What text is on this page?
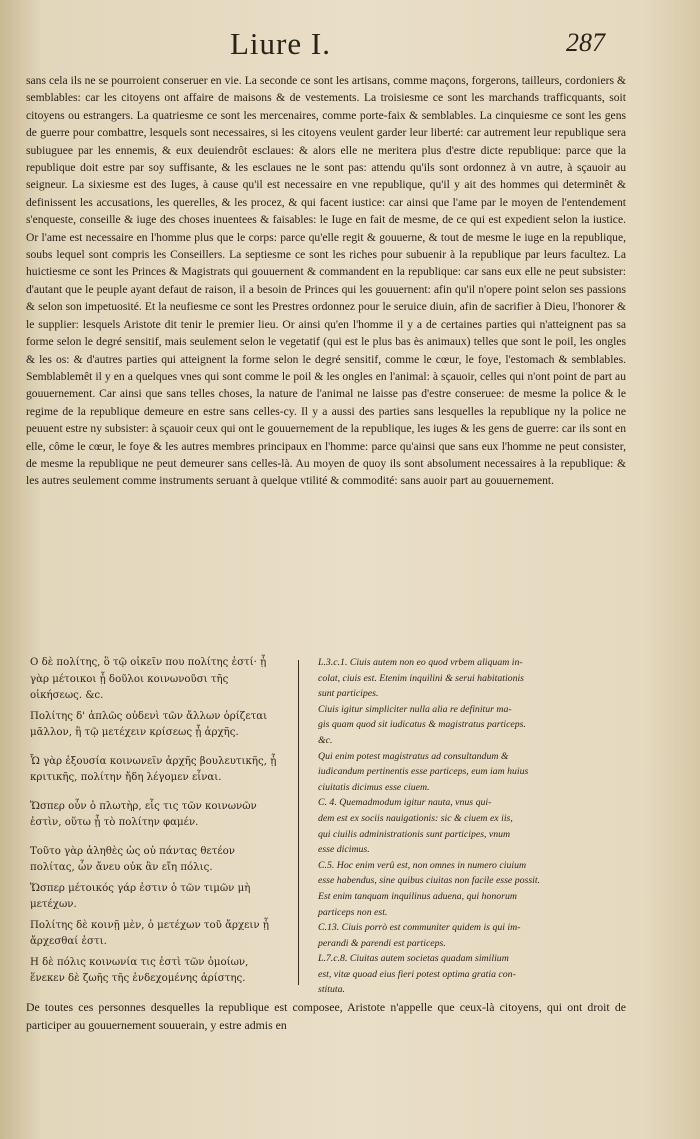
Liure I.	287
sans cela ils ne se pourroient conseruer en vie. La seconde ce sont les artisans, comme maçons, forgerons, tailleurs, cordoniers & semblables: car les citoyens ont affaire de maisons & de vestements. La troisiesme ce sont les marchands trafficquants, soit citoyens ou estrangers. La quatriesme ce sont les mercenaires, comme porte-faix & semblables. La cinquiesme ce sont les gens de guerre pour combattre, lesquels sont necessaires, si les citoyens veulent garder leur liberté: car autrement leur republique sera subiuguee par les ennemis, & eux deuiendrôt esclaues: & alors elle ne meritera plus d'estre dicte republique: parce que la republique doit estre par soy suffisante, & les esclaues ne le sont pas: attendu qu'ils sont ordonnez à vn autre, à sçauoir au seigneur. La sixiesme est des Iuges, à cause qu'il est necessaire en vne republique, qu'il y ait des hommes qui determinêt & definissent les accusations, les querelles, & les procez, & qui facent iustice: car ainsi que l'ame par le moyen de l'entendement s'enqueste, conseille & iuge des choses inuentees & faisables: le Iuge en fait de mesme, de ce qui est expedient selon la iustice. Or l'ame est necessaire en l'homme plus que le corps: parce qu'elle regit & gouuerne, & tout de mesme le iuge en la republique, soubs lequel sont compris les Conseillers. La septiesme ce sont les riches pour subuenir à la republique par leurs facultez. La huictiesme ce sont les Princes & Magistrats qui gouuernent & commandent en la republique: car sans eux elle ne peut subsister: d'autant que le peuple ayant defaut de raison, il a besoin de Princes qui les gouuernent: afin qu'il n'opere point selon ses passions & selon son impetuosité. Et la neufiesme ce sont les Prestres ordonnez pour le seruice diuin, afin de sacrifier à Dieu, l'honorer & le supplier: lesquels Aristote dit tenir le premier lieu. Or ainsi qu'en l'homme il y a de certaines parties qui n'atteignent pas sa forme selon le degré sensitif, mais seulement selon le vegetatif (qui est le plus bas ès animaux) telles que sont le poil, les ongles & les os: & d'autres parties qui atteignent la forme selon le degré sensitif, comme le cœur, le foye, l'estomach & semblables. Semblablemêt il y en a quelques vnes qui sont comme le poil & les ongles en l'animal: à sçauoir, celles qui n'ont point de part au gouuernement. Car ainsi que sans telles choses, la nature de l'animal ne laisse pas d'estre conseruee: de mesme la police & le regime de la republique demeure en estre sans celles-cy. Il y a aussi des parties sans lesquelles la republique ny la police ne peuuent estre ny subsister: à sçauoir ceux qui ont le gouuernement de la republique, les iuges & les gens de guerre: car ils sont en elle, côme le cœur, le foye & les autres membres principaux en l'homme: parce qu'ainsi que sans eux l'homme ne peut consister, de mesme la republique ne peut demeurer sans celles-là. Au moyen de quoy ils sont absolument necessaires à la republique: & les autres seulement comme instruments seruant à quelque vtilité & commodité: sans auoir part au gouuernement.

Ο δὲ πολίτης, ὃ τῷ οἰκεῖν που πολίτης ἐστί· ᾗ γὰρ μέτοικοι ᾗ δοῦλοι κοινωνοῦσι τῆς οἰκήσεως. &c.

Πολίτης δ' ἁπλῶς οὐδενὶ τῶν ἄλλων ὁρίζεται μᾶλλον, ἢ τῷ μετέχειν κρίσεως ᾗ ἀρχῆς.

Ὧ γὰρ ἐξουσία κοινωνεῖν ἀρχῆς βουλευτικῆς, ᾗ κριτικῆς, πολίτην ἤδη λέγομεν εἶναι.

Ὥσπερ οὖν ὁ πλωτὴρ, εἷς τις τῶν κοινωνῶν ἐστὶν, οὕτω ᾗ τὸ πολίτην φαμέν.

Τοῦτο γὰρ ἀληθὲς ὡς οὐ πάντας θετέον πολίτας, ὧν ἄνευ οὐκ ἂν εἴη πόλις.

Ὥσπερ μέτοικός γάρ ἐστιν ὁ τῶν τιμῶν μὴ μετέχων.

Πολίτης δὲ κοινῇ μὲν, ὁ μετέχων τοῦ ἄρχειν ᾗ ἄρχεσθαί ἐστι.

Η δὲ πόλις κοινωνία τις ἐστὶ τῶν ὁμοίων, ἕνεκεν δὲ ζωῆς τῆς ἐνδεχομένης ἀρίστης.

L.3.c.1. Ciuis autem non eo quod vrbem aliquam in-

colat, ciuis est. Etenim inquilini & serui habitationis

sunt participes.

Ciuis igitur simpliciter nulla alia re definitur ma-

gis quam quod sit iudicatus & magistratus particeps.

&c.

Qui enim potest magistratus ad consultandum &

iudicandum pertinentis esse particeps, eum iam huius

ciuitatis dicimus esse ciuem.

C. 4. Quemadmodum igitur nauta, vnus qui-

dem est ex sociis nauigationis: sic & ciuem ex iis,

qui ciuilis administrationis sunt participes, vnum

esse dicimus.

C.5. Hoc enim verû est, non omnes in numero ciuium

esse habendus, sine quibus ciuitas non facile esse possit.

Est enim tanquam inquilinus aduena, qui honorum

particeps non est.

C.13. Ciuis porrò est communiter quidem is qui im-

perandi & parendi est particeps.

L.7.c.8. Ciuitas autem societas quadam similium

est, vitæ quoad eius fieri potest optima gratia con-

stituta.

De toutes ces personnes desquelles la republique est composee, Aristote n'appelle que ceux-là citoyens, qui ont droit de participer au gouuernement souuerain, y estre admis en
